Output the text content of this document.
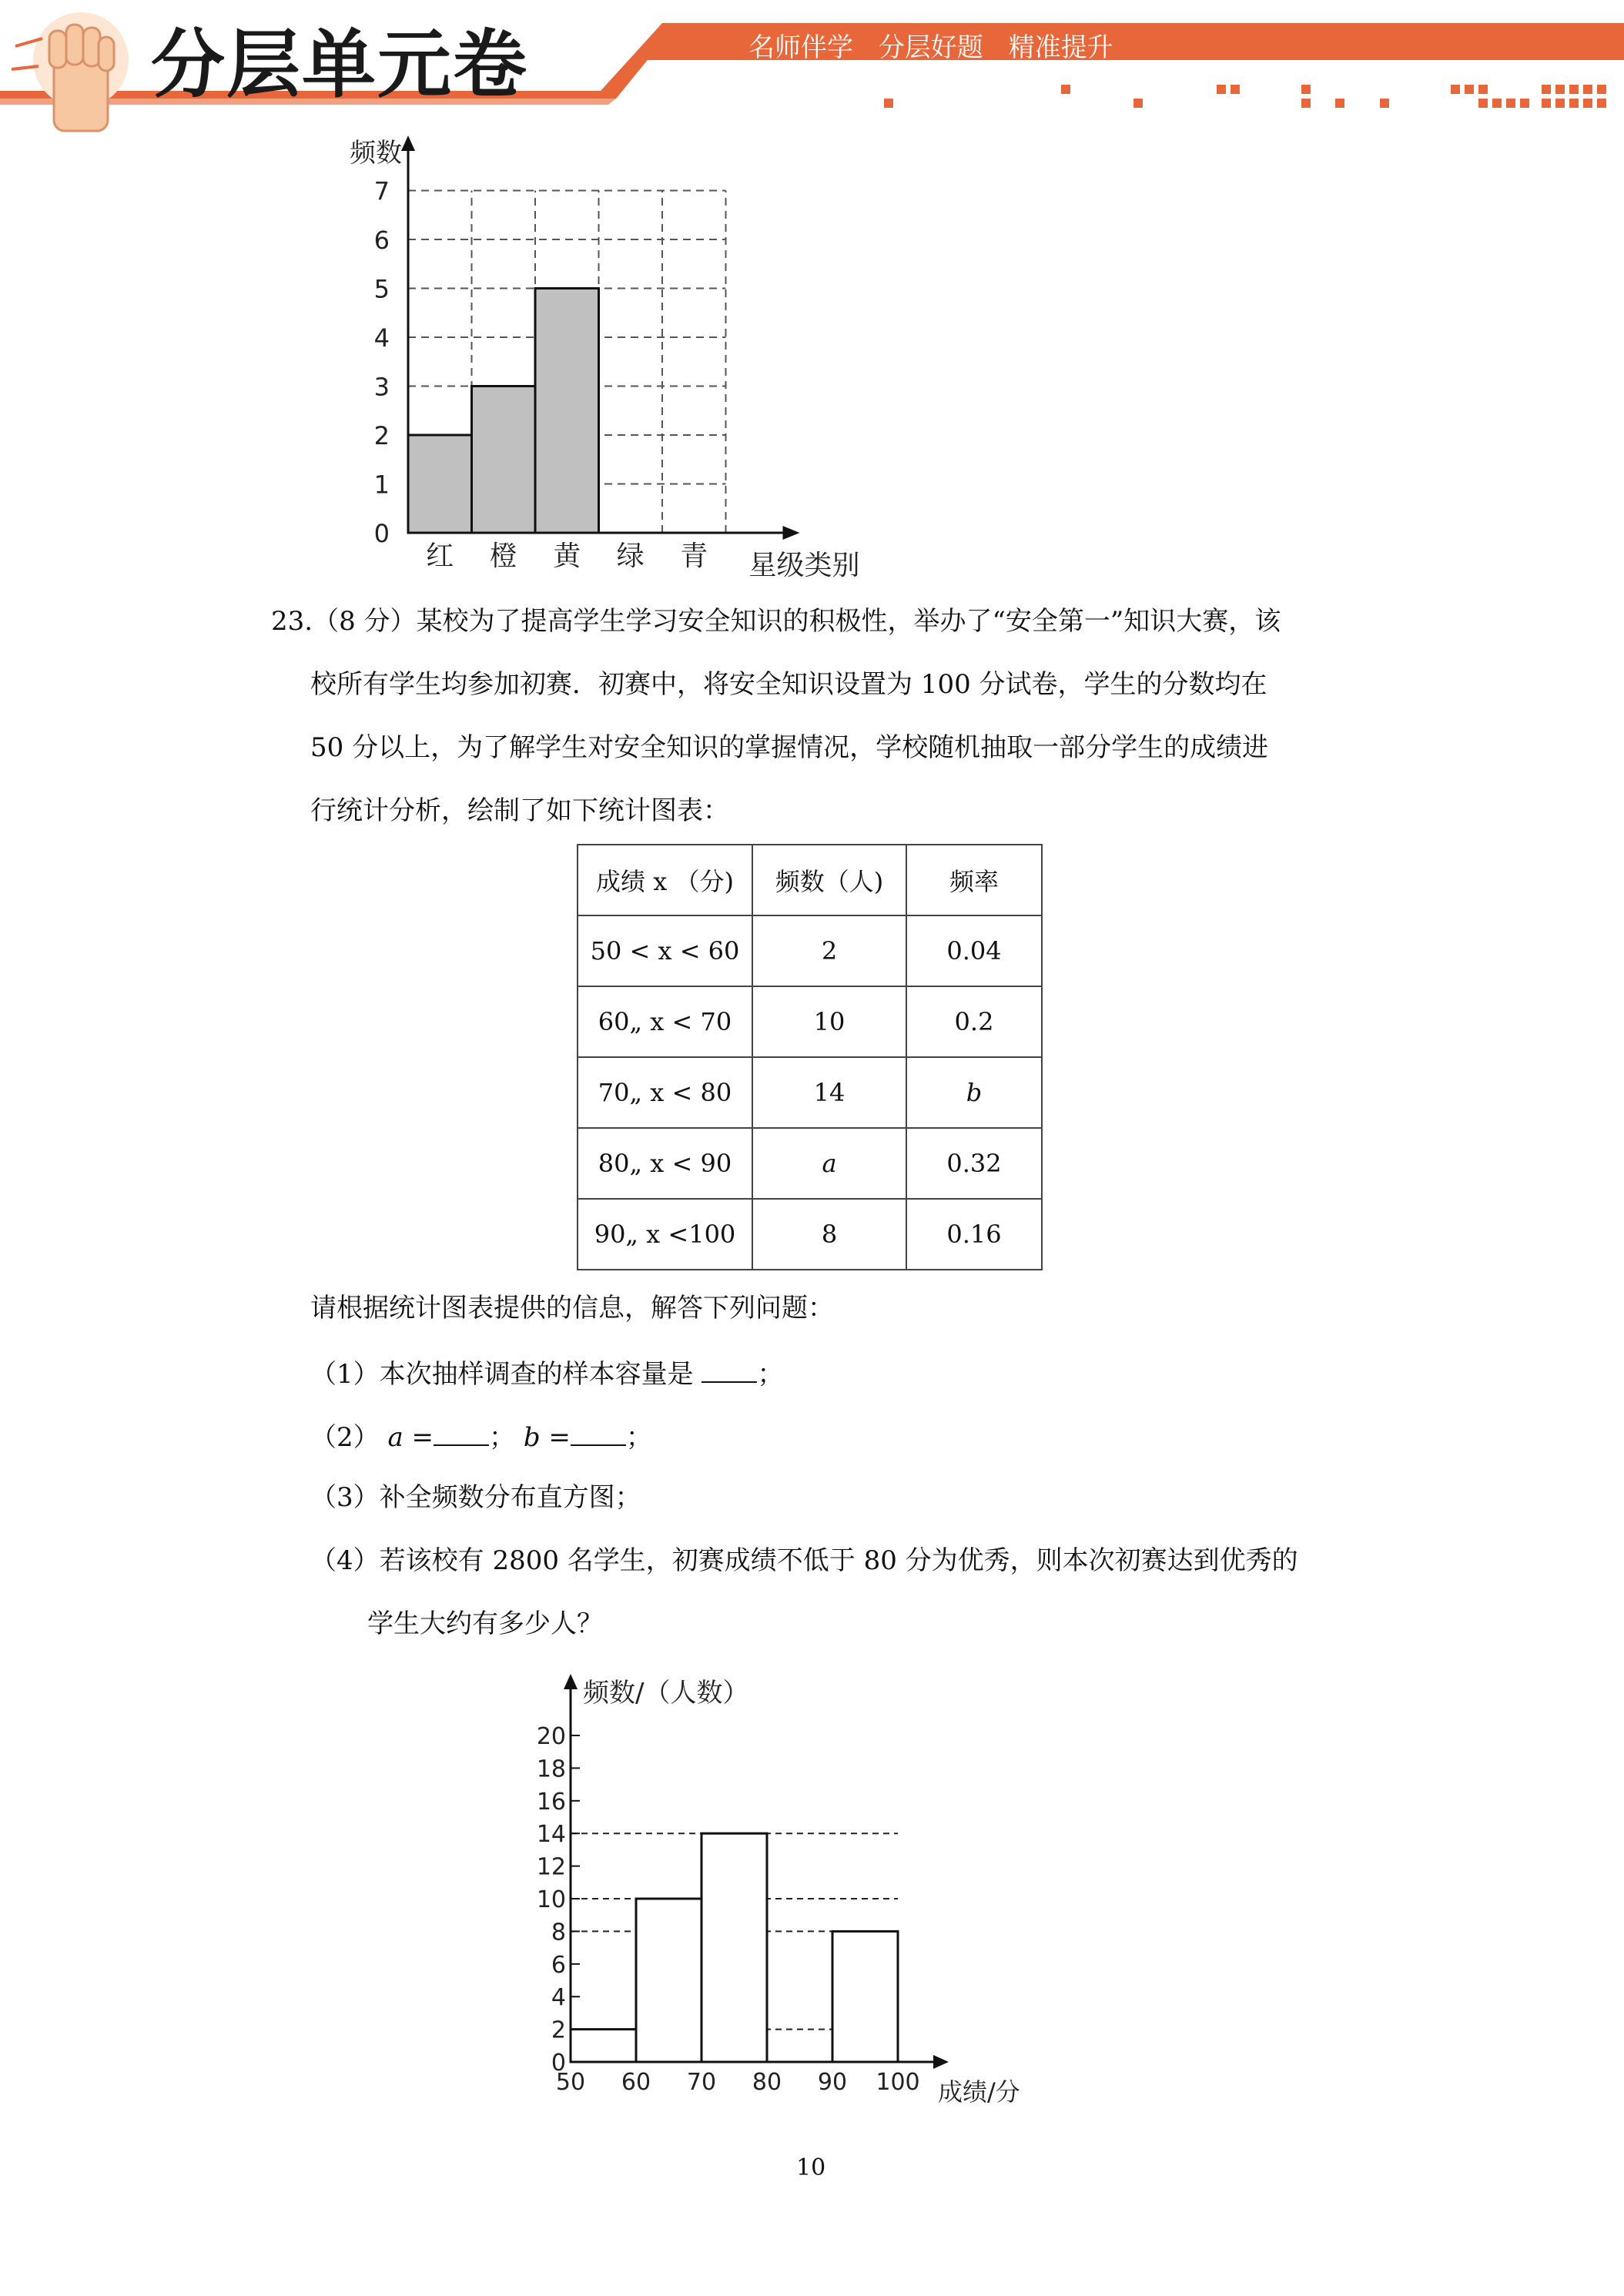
分层单元卷	名师伴学 分层好题 精准提升
0
1
2
3
4
5
6
7
红 橙 黄 绿 青
频数
星级类别
23.（8 分）某校为了提高学生学习安全知识的积极性，举办了“安全第一”知识大赛，该
校所有学生均参加初赛．初赛中，将安全知识设置为 100 分试卷，学生的分数均在
50 分以上，为了解学生对安全知识的掌握情况，学校随机抽取一部分学生的成绩进
行统计分析，绘制了如下统计图表：
成绩 x （分)	频数（人)	频率
50 < x < 60	2	0.04
60„ x < 70	10	0.2
70„ x < 80	14	b
80„ x < 90	a	0.32
90„ x <100	8	0.16
请根据统计图表提供的信息，解答下列问题：
（1）本次抽样调查的样本容量是 ；
（2） a = ； b = ；
（3）补全频数分布直方图；
（4）若该校有 2800 名学生，初赛成绩不低于 80 分为优秀，则本次初赛达到优秀的
学生大约有多少人？
0
2
4
6
8
10
12
14
16
18
20
50 60 70 80 90 100
频数/（人数）
成绩/分
10
